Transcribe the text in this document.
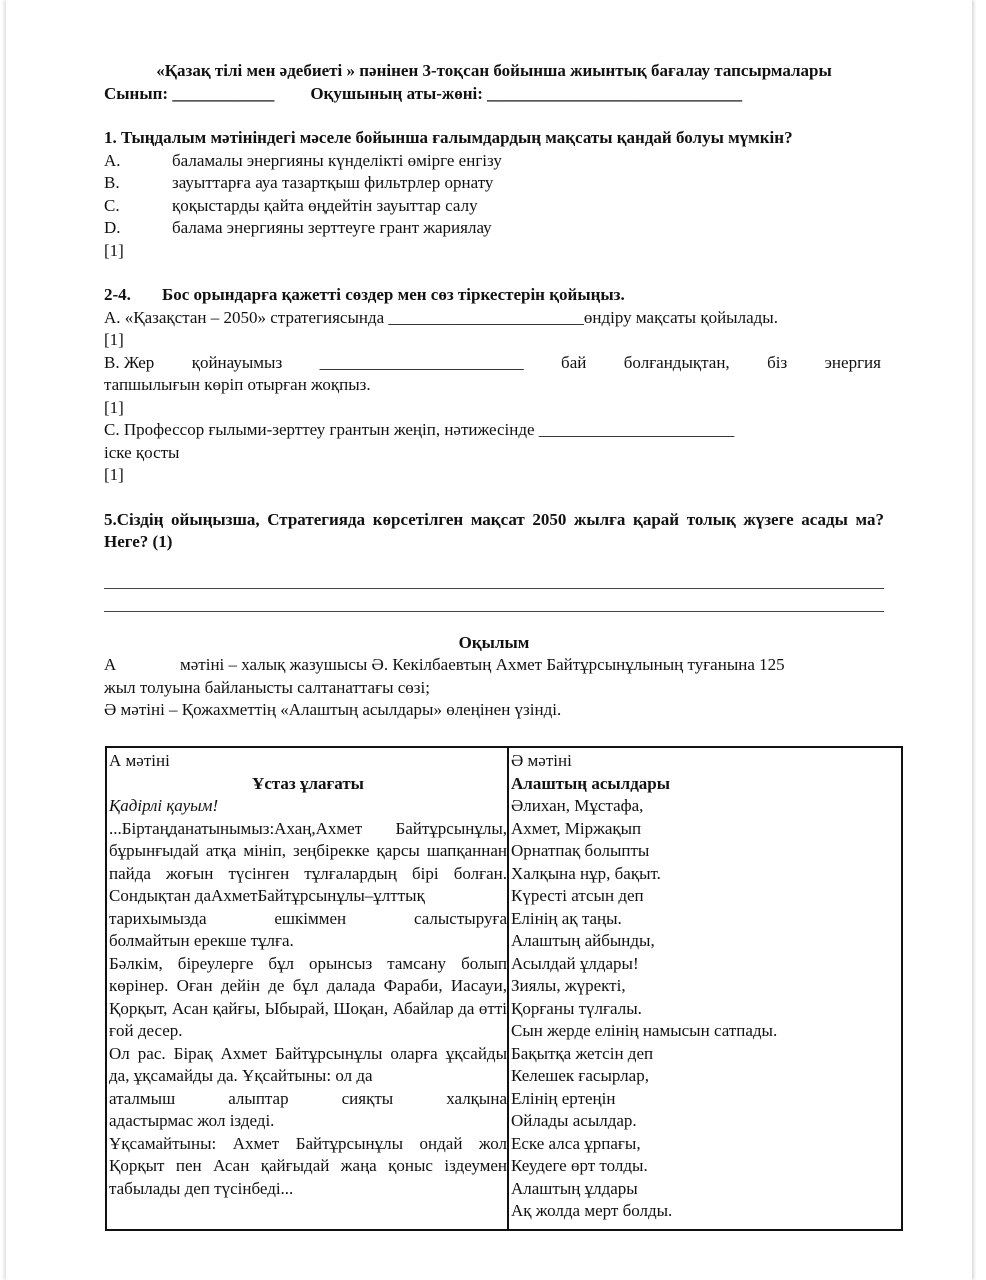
«Қазақ тілі мен әдебиеті » пәнінен 3-тоқсан бойынша жиынтық бағалау тапсырмалары
Сынып: ____________ Оқушының аты-жөні: ______________________________
1. Тыңдалым мәтініндегі мәселе бойынша ғалымдардың мақсаты қандай болуы мүмкін?
A.	баламалы энергияны күнделікті өмірге енгізу
B.	зауыттарға ауа тазартқыш фильтрлер орнату
C.	қоқыстарды қайта өңдейтін зауыттар салу
D.	балама энергияны зерттеуге грант жариялау
[1]
2-4.	Бос орындарға қажетті сөздер мен сөз тіркестерін қойыңыз.
A. «Қазақстан – 2050» стратегиясында _______________________өндіру мақсаты қойылады.
[1]
B. Жер қойнауымыз ________________________ бай болғандықтан, біз энергия
тапшылығын көріп отырған жоқпыз.
[1]
C. Профессор ғылыми-зерттеу грантын жеңіп, нәтижесінде _______________________
іске қосты
[1]
5.Сіздің ойыңызша, Стратегияда көрсетілген мақсат 2050 жылға қарай толық жүзеге асады ма? Неге? (1)
Оқылым
A	мәтіні – халық жазушысы Ә. Кекілбаевтың Ахмет Байтұрсынұлының туғанына 125
жыл толуына байланысты салтанаттағы сөзі;
Ә мәтіні – Қожахметтің «Алаштың асылдары» өлеңінен үзінді.
А мәтіні
Ұстаз ұлағаты
Қадірлі қауым!
...Біртаңданатынымыз:Ахаң,Ахмет Байтұрсынұлы, бұрынғыдай атқа мініп, зеңбірекке қарсы шапқаннан пайда жоғын түсінген тұлғалардың бірі болған. Сондықтан даАхметБайтұрсынұлы–ұлттық
тарихымызда	ешкіммен	салыстыруға
болмайтын ерекше тұлға.
Бәлкім, біреулерге бұл орынсыз тамсану болып көрінер. Оған дейін де бұл далада Фараби, Иасауи, Қорқыт, Асан қайғы, Ыбырай, Шоқан, Абайлар да өтті ғой десер.
Ол рас. Бірақ Ахмет Байтұрсынұлы оларға ұқсайды да, ұқсамайды да. Ұқсайтыны: ол да
аталмыш	алыптар	сияқты	халқына
адастырмас жол іздеді.
Ұқсамайтыны: Ахмет Байтұрсынұлы ондай жол Қорқыт пен Асан қайғыдай жаңа қоныс іздеумен табылады деп түсінбеді...

Ә мәтіні
Алаштың асылдары
Әлихан, Мұстафа,
Ахмет, Міржақып
Орнатпақ болыпты
Халқына нұр, бақыт.
Күресті атсын деп
Елінің ақ таңы.
Алаштың айбынды,
Асылдай ұлдары!
Зиялы, жүректі,
Қорғаны түлғалы.
Сын жерде елінің намысын сатпады.
Бақытқа жетсін деп
Келешек ғасырлар,
Елінің ертеңін
Ойлады асылдар.
Еске алса ұрпағы,
Кеудеге өрт толды.
Алаштың ұлдары
Ақ жолда мерт болды.
